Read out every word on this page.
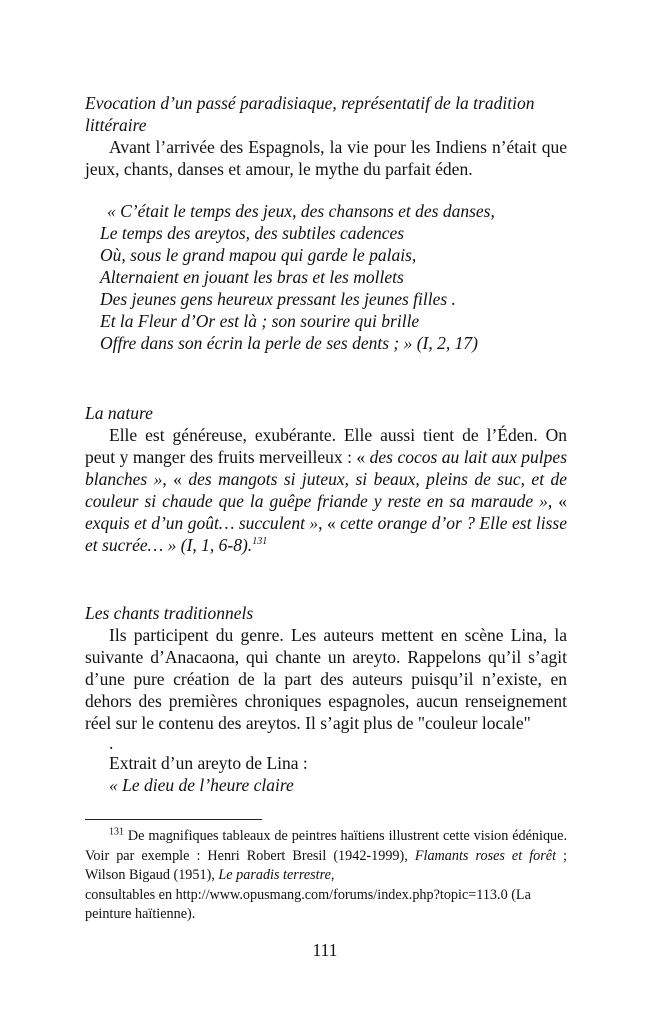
Evocation d’un passé paradisiaque, représentatif de la tradition littéraire
Avant l’arrivée des Espagnols, la vie pour les Indiens n’était que jeux, chants, danses et amour, le mythe du parfait éden.
« C’était le temps des jeux, des chansons et des danses,
Le temps des areytos, des subtiles cadences
Où, sous le grand mapou qui garde le palais,
Alternaient en jouant les bras et les mollets
Des jeunes gens heureux pressant les jeunes filles .
Et la Fleur d’Or est là ; son sourire qui brille
Offre dans son écrin la perle de ses dents ; » (I, 2, 17)
La nature
Elle est généreuse, exubérante. Elle aussi tient de l’Éden. On peut y manger des fruits merveilleux : « des cocos au lait aux pulpes blanches », « des mangots si juteux, si beaux, pleins de suc, et de couleur si chaude que la guêpe friande y reste en sa maraude », « exquis et d’un goût… succulent », « cette orange d’or ? Elle est lisse et sucrée… » (I, 1, 6-8).$^{131}$
Les chants traditionnels
Ils participent du genre. Les auteurs mettent en scène Lina, la suivante d’Anacaona, qui chante un areyto. Rappelons qu’il s’agit d’une pure création de la part des auteurs puisqu’il n’existe, en dehors des premières chroniques espagnoles, aucun renseignement réel sur le contenu des areytos. Il s’agit plus de "couleur locale"
.
Extrait d’un areyto de Lina :
« Le dieu de l’heure claire
$^{131}$ De magnifiques tableaux de peintres haïtiens illustrent cette vision édénique. Voir par exemple : Henri Robert Bresil (1942-1999), Flamants roses et forêt ; Wilson Bigaud (1951), Le paradis terrestre,
consultables en http://www.opusmang.com/forums/index.php?topic=113.0 (La peinture haïtienne).
111
